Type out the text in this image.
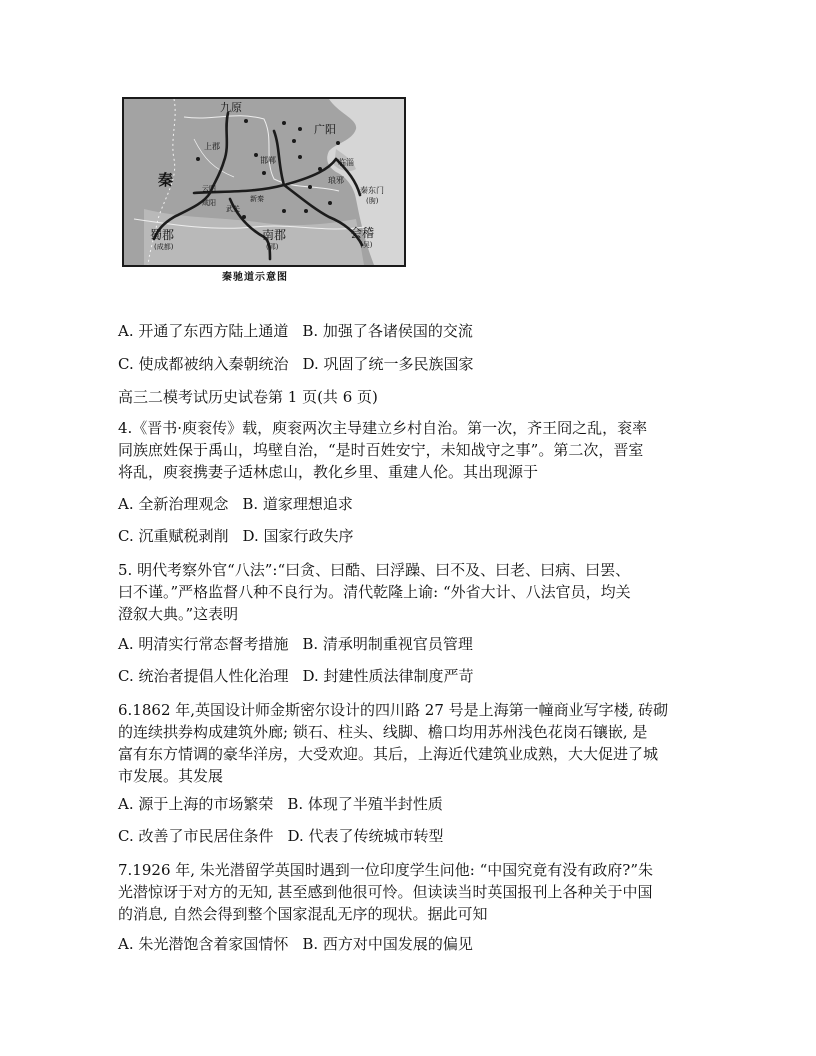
九原
广阳
上郡
邯郸
秦	云阳
咸阳	新秦
临淄
琅邪
秦东门
(朐)
武关
蜀郡
(成都)
南郡
(郢)
会稽
(吴)
秦驰道示意图
A. 开通了东西方陆上通道 B. 加强了各诸侯国的交流
C. 使成都被纳入秦朝统治 D. 巩固了统一多民族国家
高三二模考试历史试卷第 1 页(共 6 页)
4.《晋书·庾衮传》载，庾衮两次主导建立乡村自治。第一次，齐王冏之乱，衮率
同族庶姓保于禹山，坞壁自治，“是时百姓安宁，未知战守之事”。第二次，晋室
将乱，庾衮携妻子适林虑山，教化乡里、重建人伦。其出现源于
A. 全新治理观念 B. 道家理想追求
C. 沉重赋税剥削 D. 国家行政失序
5. 明代考察外官“八法”:“曰贪、曰酷、曰浮躁、曰不及、曰老、曰病、曰罢、
曰不谨。”严格监督八种不良行为。清代乾隆上谕: “外省大计、八法官员，均关
澄叙大典。”这表明
A. 明清实行常态督考措施 B. 清承明制重视官员管理
C. 统治者提倡人性化治理 D. 封建性质法律制度严苛
6.1862 年,英国设计师金斯密尔设计的四川路 27 号是上海第一幢商业写字楼, 砖砌
的连续拱券构成建筑外廊; 锁石、柱头、线脚、檐口均用苏州浅色花岗石镶嵌, 是
富有东方情调的豪华洋房，大受欢迎。其后，上海近代建筑业成熟，大大促进了城
市发展。其发展
A. 源于上海的市场繁荣 B. 体现了半殖半封性质
C. 改善了市民居住条件 D. 代表了传统城市转型
7.1926 年, 朱光潜留学英国时遇到一位印度学生问他: “中国究竟有没有政府?”朱
光潜惊讶于对方的无知, 甚至感到他很可怜。但读读当时英国报刊上各种关于中国
的消息, 自然会得到整个国家混乱无序的现状。据此可知
A. 朱光潜饱含着家国情怀 B. 西方对中国发展的偏见
